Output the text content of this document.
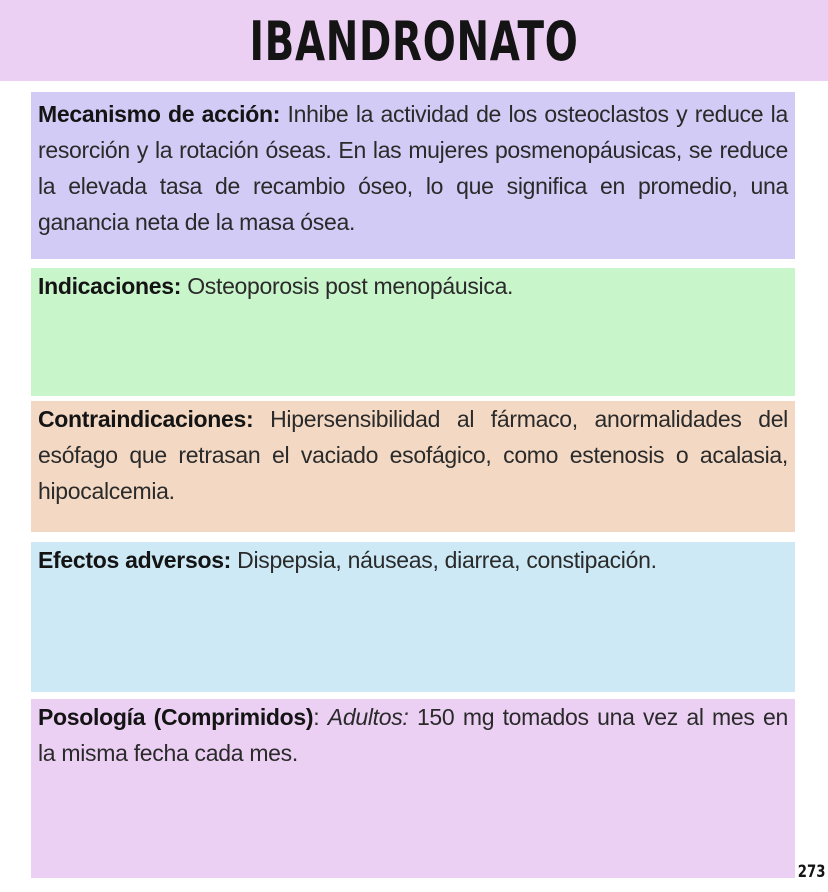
IBANDRONATO

Mecanismo de acción: Inhibe la actividad de los osteoclastos y reduce la resorción y la rotación óseas. En las mujeres posmenopáusicas, se reduce la elevada tasa de recambio óseo, lo que significa en promedio, una ganancia neta de la masa ósea.

Indicaciones: Osteoporosis post menopáusica.

Contraindicaciones: Hipersensibilidad al fármaco, anormalidades del esófago que retrasan el vaciado esofágico, como estenosis o acalasia, hipocalcemia.

Efectos adversos: Dispepsia, náuseas, diarrea, constipación.

Posología (Comprimidos): Adultos: 150 mg tomados una vez al mes en la misma fecha cada mes.

273
